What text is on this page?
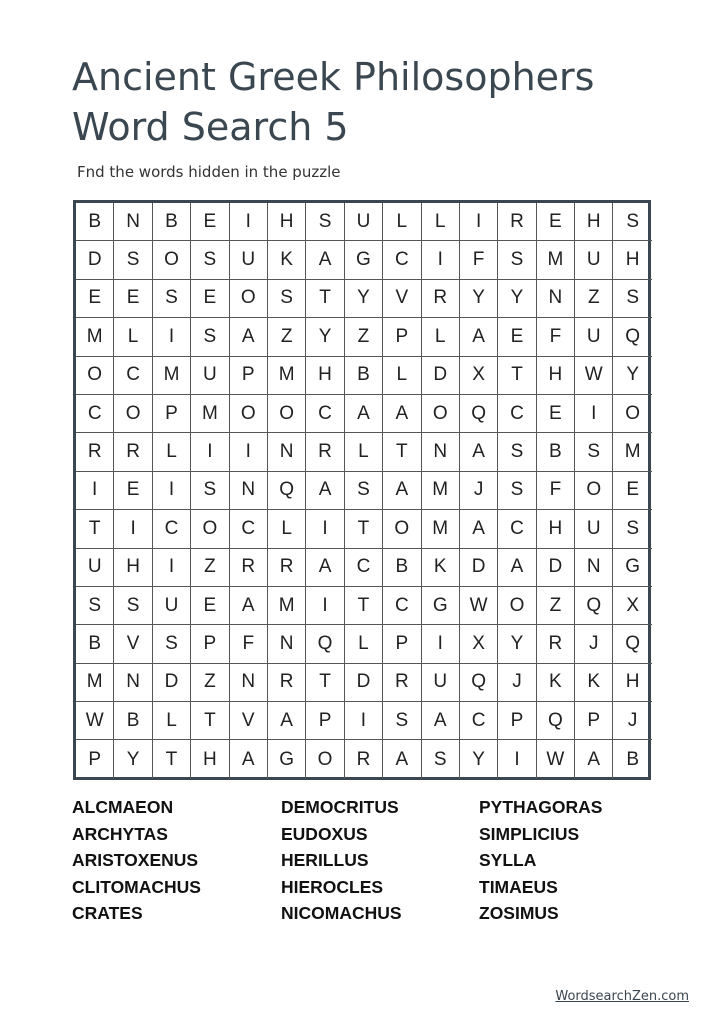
Ancient Greek Philosophers
Word Search 5

Fnd the words hidden in the puzzle

B	N	B	E	I	H	S	U	L	L	I	R	E	H	S
D	S	O	S	U	K	A	G	C	I	F	S	M	U	H
E	E	S	E	O	S	T	Y	V	R	Y	Y	N	Z	S
M	L	I	S	A	Z	Y	Z	P	L	A	E	F	U	Q
O	C	M	U	P	M	H	B	L	D	X	T	H	W	Y
C	O	P	M	O	O	C	A	A	O	Q	C	E	I	O
R	R	L	I	I	N	R	L	T	N	A	S	B	S	M
I	E	I	S	N	Q	A	S	A	M	J	S	F	O	E
T	I	C	O	C	L	I	T	O	M	A	C	H	U	S
U	H	I	Z	R	R	A	C	B	K	D	A	D	N	G
S	S	U	E	A	M	I	T	C	G	W	O	Z	Q	X
B	V	S	P	F	N	Q	L	P	I	X	Y	R	J	Q
M	N	D	Z	N	R	T	D	R	U	Q	J	K	K	H
W	B	L	T	V	A	P	I	S	A	C	P	Q	P	J
P	Y	T	H	A	G	O	R	A	S	Y	I	W	A	B
ALCMAEON
ARCHYTAS
ARISTOXENUS
CLITOMACHUS
CRATES
DEMOCRITUS
EUDOXUS
HERILLUS
HIEROCLES
NICOMACHUS
PYTHAGORAS
SIMPLICIUS
SYLLA
TIMAEUS
ZOSIMUS
WordsearchZen.com
